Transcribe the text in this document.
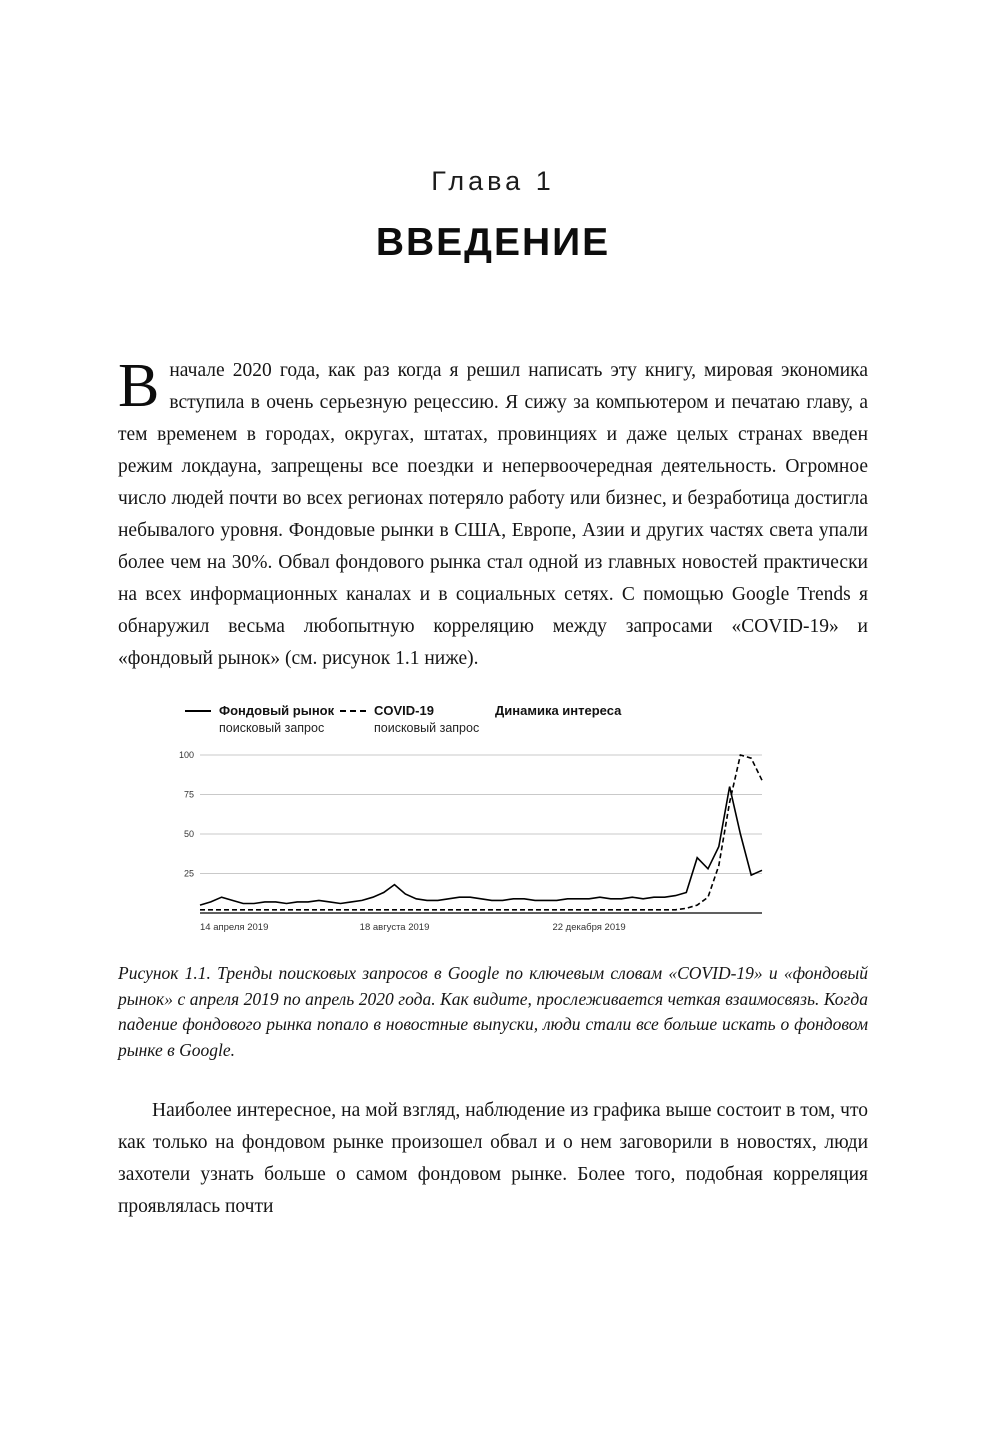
Глава 1
ВВЕДЕНИЕ

Вначале 2020 года, как раз когда я решил написать эту книгу, мировая экономика вступила в очень серьезную рецессию. Я сижу за компьютером и печатаю главу, а тем временем в городах, округах, штатах, провинциях и даже целых странах введен режим локдауна, запрещены все поездки и непервоочередная деятельность. Огромное число людей почти во всех регионах потеряло работу или бизнес, и безработица достигла небывалого уровня. Фондовые рынки в США, Европе, Азии и других частях света упали более чем на 30%. Обвал фондового рынка стал одной из главных новостей практически на всех информационных каналах и в социальных сетях. С помощью Google Trends я обнаружил весьма любопытную корреляцию между запросами «COVID-19» и «фондовый рынок» (см. рисунок 1.1 ниже).

Фондовый рынок
поисковый запрос
COVID-19
поисковый запрос
Динамика интереса
25
50
75
100
14 апреля 2019	18 августа 2019	22 декабря 2019

Рисунок 1.1. Тренды поисковых запросов в Google по ключевым словам «COVID-19» и «фондовый рынок» с апреля 2019 по апрель 2020 года. Как видите, прослеживается четкая взаимосвязь. Когда падение фондового рынка попало в новостные выпуски, люди стали все больше искать о фондовом рынке в Google.

Наиболее интересное, на мой взгляд, наблюдение из графика выше состоит в том, что как только на фондовом рынке произошел обвал и о нем заговорили в новостях, люди захотели узнать больше о самом фондовом рынке. Более того, подобная корреляция проявлялась почти
